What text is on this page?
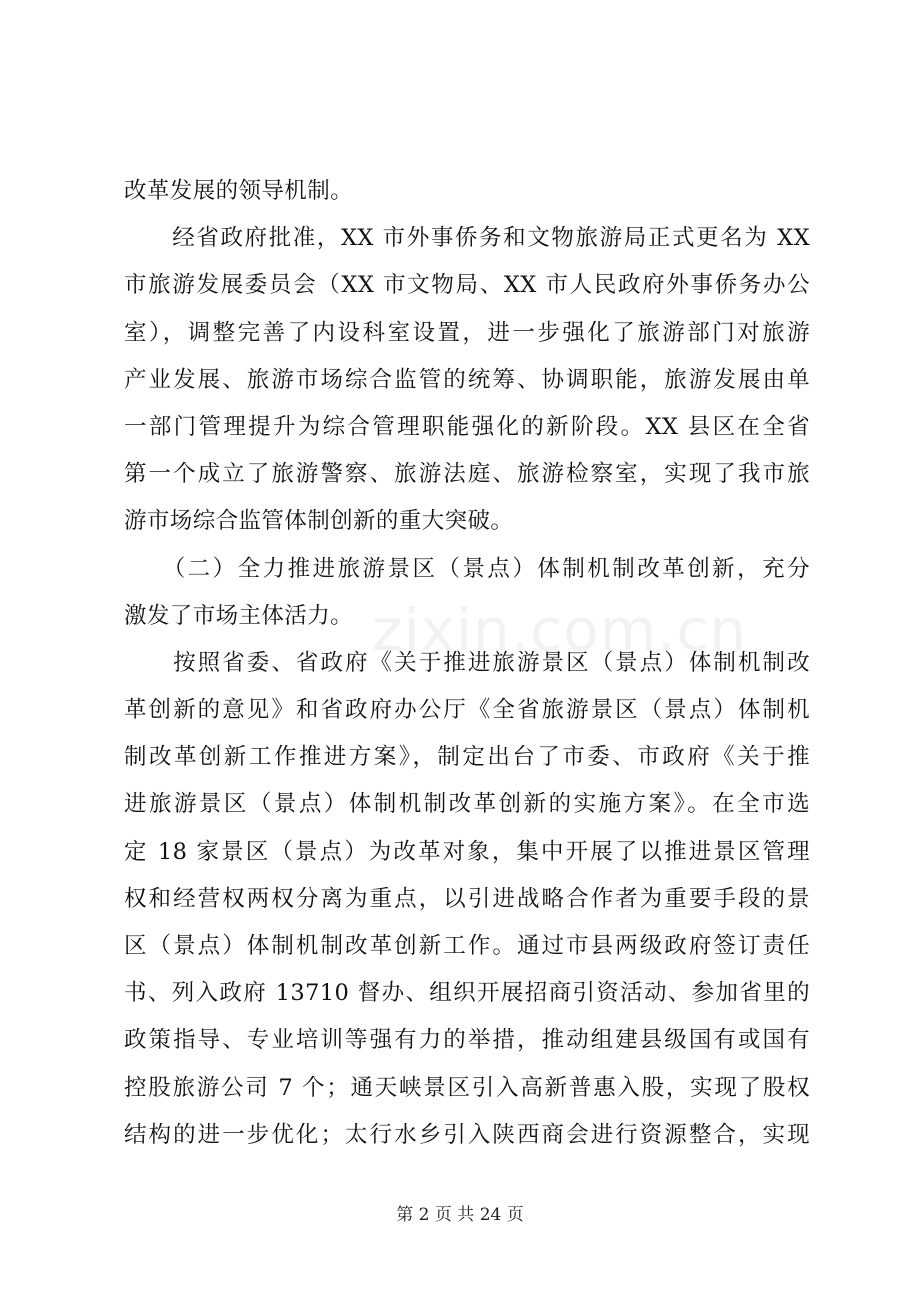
zixin.com.cn
改革发展的领导机制。
　　经省政府批准，XX 市外事侨务和文物旅游局正式更名为 XX
市旅游发展委员会（XX 市文物局、XX 市人民政府外事侨务办公
室），调整完善了内设科室设置，进一步强化了旅游部门对旅游
产业发展、旅游市场综合监管的统筹、协调职能，旅游发展由单
一部门管理提升为综合管理职能强化的新阶段。XX 县区在全省
第一个成立了旅游警察、旅游法庭、旅游检察室，实现了我市旅
游市场综合监管体制创新的重大突破。
　　（二）全力推进旅游景区（景点）体制机制改革创新，充分
激发了市场主体活力。
　　按照省委、省政府《关于推进旅游景区（景点）体制机制改
革创新的意见》和省政府办公厅《全省旅游景区（景点）体制机
制改革创新工作推进方案》，制定出台了市委、市政府《关于推
进旅游景区（景点）体制机制改革创新的实施方案》。在全市选
定 18 家景区（景点）为改革对象，集中开展了以推进景区管理
权和经营权两权分离为重点，以引进战略合作者为重要手段的景
区（景点）体制机制改革创新工作。通过市县两级政府签订责任
书、列入政府 13710 督办、组织开展招商引资活动、参加省里的
政策指导、专业培训等强有力的举措，推动组建县级国有或国有
控股旅游公司 7 个；通天峡景区引入高新普惠入股，实现了股权
结构的进一步优化；太行水乡引入陕西商会进行资源整合，实现
第 2 页 共 24 页
